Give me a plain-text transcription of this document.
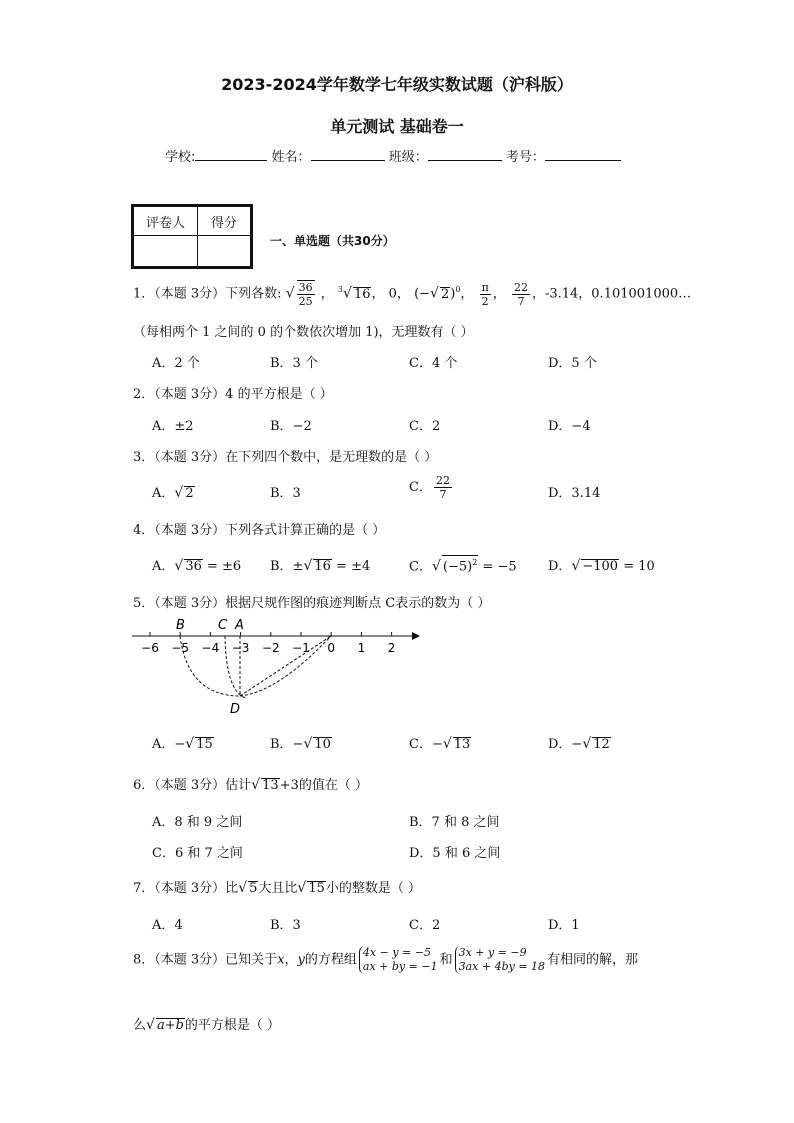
2023-2024学年数学七年级实数试题（沪科版）
单元测试 基础卷一
学校:	姓名：	班级：	考号：
评卷人	得分

一、单选题（共30分）
1．（本题 3分）下列各数: √ $\frac{36}{25}$ ， $^3$√ 16， 0， (−√ 2)$^0$， $\frac{\pi}{2}$ ， $\frac{22}{7}$ ，-3.14，0.101001000…
（每相两个 1 之间的 0 的个数依次增加 1)，无理数有（ ）
A．2 个	B．3 个	C．4 个	D．5 个
2．（本题 3分）4 的平方根是（ ）
A．±2	B．−2	C．2	D．−4
3．（本题 3分）在下列四个数中，是无理数的是（ ）
A．√ 2	B．3	C． $\frac{22}{7}$	D．3.14
4．（本题 3分）下列各式计算正确的是（ ）
A．√ 36 = ±6 B．±√ 16 = ±4	C．√ $(-5)^2 = -5$ D．√ −100 = 10
5．（本题 3分）根据尺规作图的痕迹判断点 C表示的数为（ ）
−6 −5 −4 −3 −2 −1 0 1 2
B	C A
D
A．−√ 15	B．−√ 10	C．−√ 13	D．−√ 12
6．（本题 3分）估计√ 13+3的值在（ ）
A．8 和 9 之间	B．7 和 8 之间
C．6 和 7 之间	D．5 和 6 之间
7．（本题 3分）比√ 5大且比√ 15小的整数是（ ）
A．4	B．3	C．2	D．1
8．（本题 3分）已知关于x，y的方程组 4x − y = −5
ax + by = −1 和 3x + y = −9
3ax + 4by = 18 有相同的解，那
么√ a+b的平方根是（ ）
